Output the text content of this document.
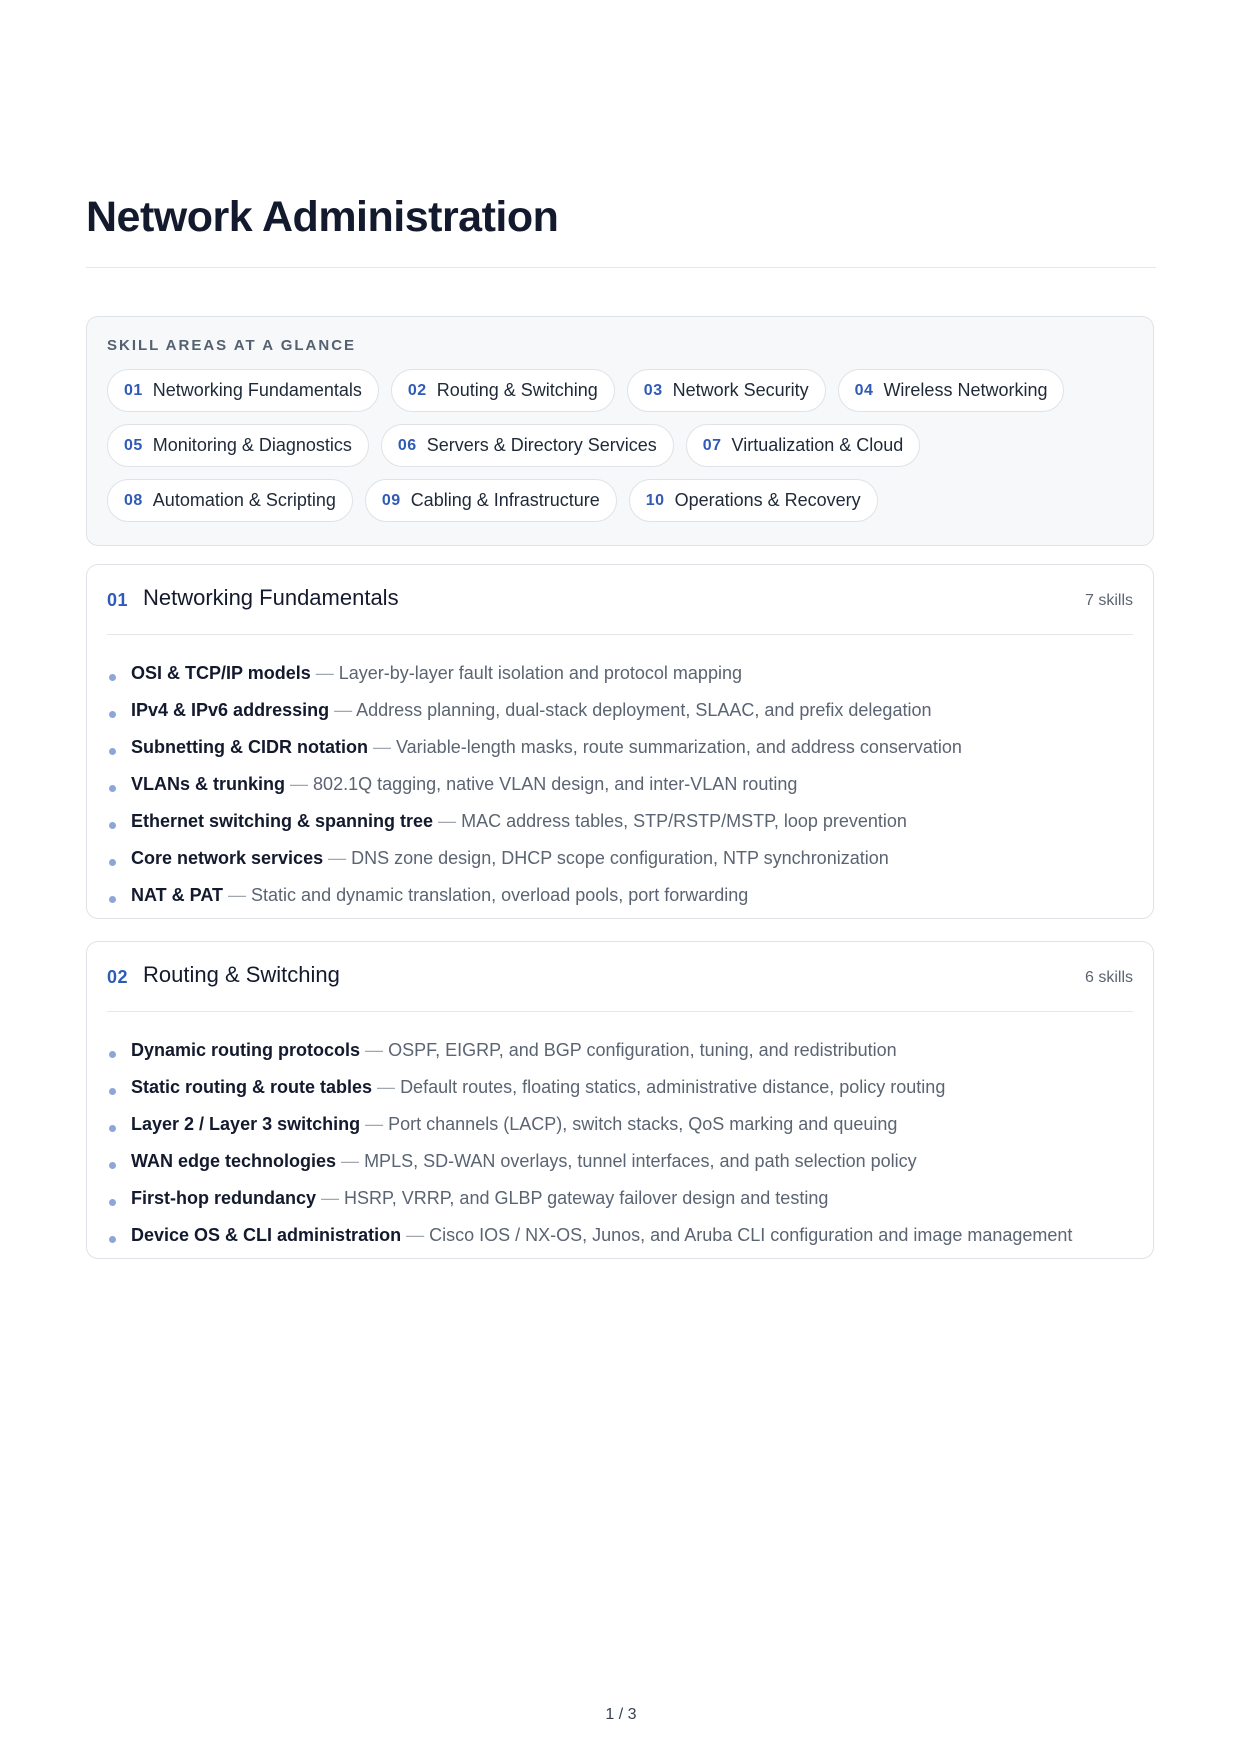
Network Administration
SKILL AREAS AT A GLANCE
01 Networking Fundamentals	02 Routing & Switching	03 Network Security	04 Wireless Networking
05 Monitoring & Diagnostics	06 Servers & Directory Services	07 Virtualization & Cloud
08 Automation & Scripting	09 Cabling & Infrastructure	10 Operations & Recovery
01 Networking Fundamentals	7 skills
OSI & TCP/IP models — Layer-by-layer fault isolation and protocol mapping
IPv4 & IPv6 addressing — Address planning, dual-stack deployment, SLAAC, and prefix delegation
Subnetting & CIDR notation — Variable-length masks, route summarization, and address conservation
VLANs & trunking — 802.1Q tagging, native VLAN design, and inter-VLAN routing
Ethernet switching & spanning tree — MAC address tables, STP/RSTP/MSTP, loop prevention
Core network services — DNS zone design, DHCP scope configuration, NTP synchronization
NAT & PAT — Static and dynamic translation, overload pools, port forwarding
02 Routing & Switching	6 skills
Dynamic routing protocols — OSPF, EIGRP, and BGP configuration, tuning, and redistribution
Static routing & route tables — Default routes, floating statics, administrative distance, policy routing
Layer 2 / Layer 3 switching — Port channels (LACP), switch stacks, QoS marking and queuing
WAN edge technologies — MPLS, SD-WAN overlays, tunnel interfaces, and path selection policy
First-hop redundancy — HSRP, VRRP, and GLBP gateway failover design and testing
Device OS & CLI administration — Cisco IOS / NX-OS, Junos, and Aruba CLI configuration and image management
1 / 3
